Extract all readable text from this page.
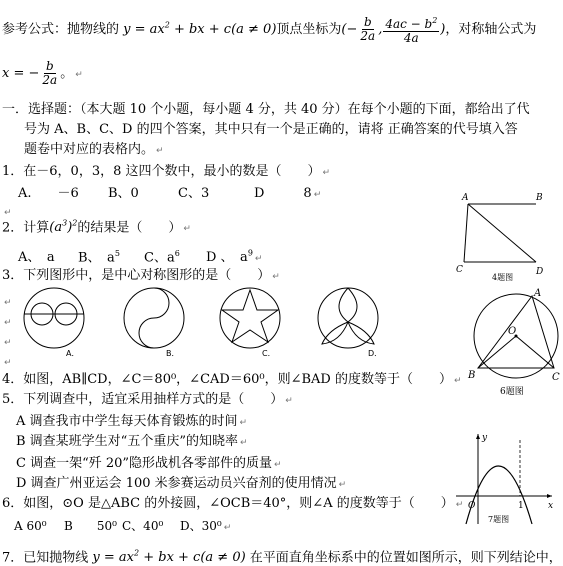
参考公式：抛物线的 $y = ax^2$ + bx + c(a ≠ 0)顶点坐标为(− $\frac{b}{2a}$ , $\frac{4ac - b^2}{4a}$ )，对称轴公式为
x = − $\frac{b}{2a}$ 。 ↵
一．选择题：（本大题 10 个小题，每小题 4 分，共 40 分）在每个小题的下面，都给出了代
号为 A、B、C、D 的四个答案，其中只有一个是正确的，请将 正确答案的代号填入答
题卷中对应的表格内。 ↵
1．在－6，0，3，8 这四个数中，最小的数是（　　） ↵
A.　　－6 B、0	C、3	D　　　8 ↵
↵
2．计算$(a^3)^2$的结果是（　　） ↵
A、　a B、　$a^5$ C、$a^6$ D 、　$a^9↵$
3．下列图形中，是中心对称图形的是（　　） ↵
↵
↵
↵
↵
A．	B．	C．	D．
4．如图，AB∥CD，∠C＝80⁰，∠CAD＝60⁰，则∠BAD 的度数等于（　　） ↵
5．下列调查中，适宜采用抽样方式的是（　　） ↵
A 调查我市中学生每天体育锻炼的时间 ↵
B 调查某班学生对“五个重庆”的知晓率 ↵
C 调查一架“歼 20”隐形战机各零部件的质量 ↵
D 调查广州亚运会 100 米参赛运动员兴奋剂的使用情况 ↵
6．如图，⊙O 是△ABC 的外接圆，∠OCB＝40°，则∠A 的度数等于（　　） ↵
A 60⁰ B　　50⁰ C、40⁰ D、30⁰ ↵
7．已知抛物线 $y = ax^2$ + bx + c(a ≠ 0) 在平面直角坐标系中的位置如图所示，则下列结论中，
A	B
C	D
4题图
A
B	C
O
6题图
y
x
O	1
7题图
